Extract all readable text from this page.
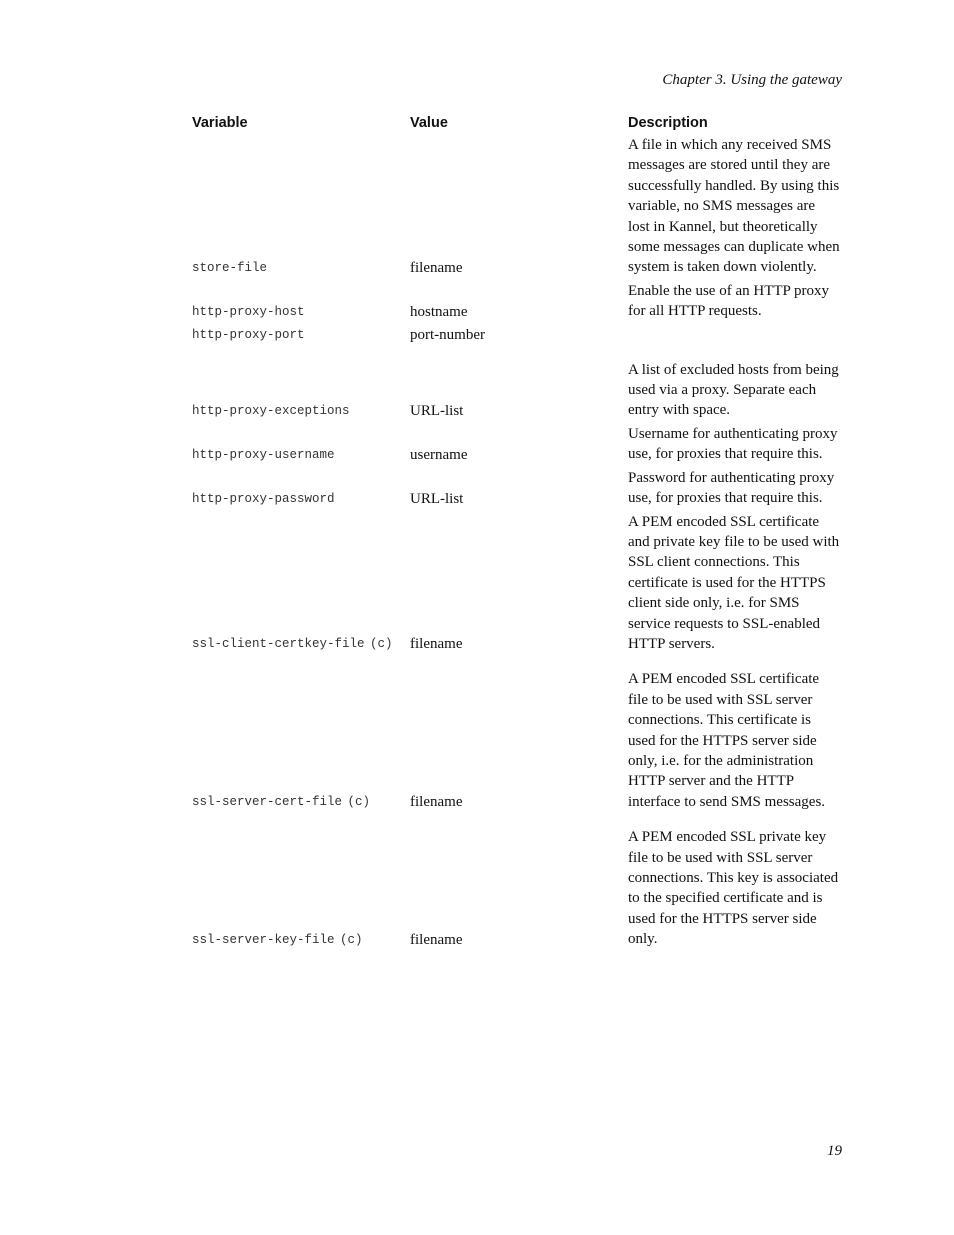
Chapter 3. Using the gateway
Variable	Value	Description
store-file	filename	A file in which any received SMS messages are stored until they are successfully handled. By using this variable, no SMS messages are lost in Kannel, but theoretically some messages can duplicate when system is taken down violently.
http-proxy-host	hostname	Enable the use of an HTTP proxy for all HTTP requests.
http-proxy-port	port-number	

http-proxy-exceptions	URL-list	A list of excluded hosts from being used via a proxy. Separate each entry with space.
http-proxy-username	username	Username for authenticating proxy use, for proxies that require this.
http-proxy-password	URL-list	Password for authenticating proxy use, for proxies that require this.
ssl-client-certkey-file (c)	filename	A PEM encoded SSL certificate and private key file to be used with SSL client connections. This certificate is used for the HTTPS client side only, i.e. for SMS service requests to SSL-enabled HTTP servers.

ssl-server-cert-file (c)	filename	A PEM encoded SSL certificate file to be used with SSL server connections. This certificate is used for the HTTPS server side only, i.e. for the administration HTTP server and the HTTP interface to send SMS messages.

ssl-server-key-file (c)	filename	A PEM encoded SSL private key file to be used with SSL server connections. This key is associated to the specified certificate and is used for the HTTPS server side only.
19
